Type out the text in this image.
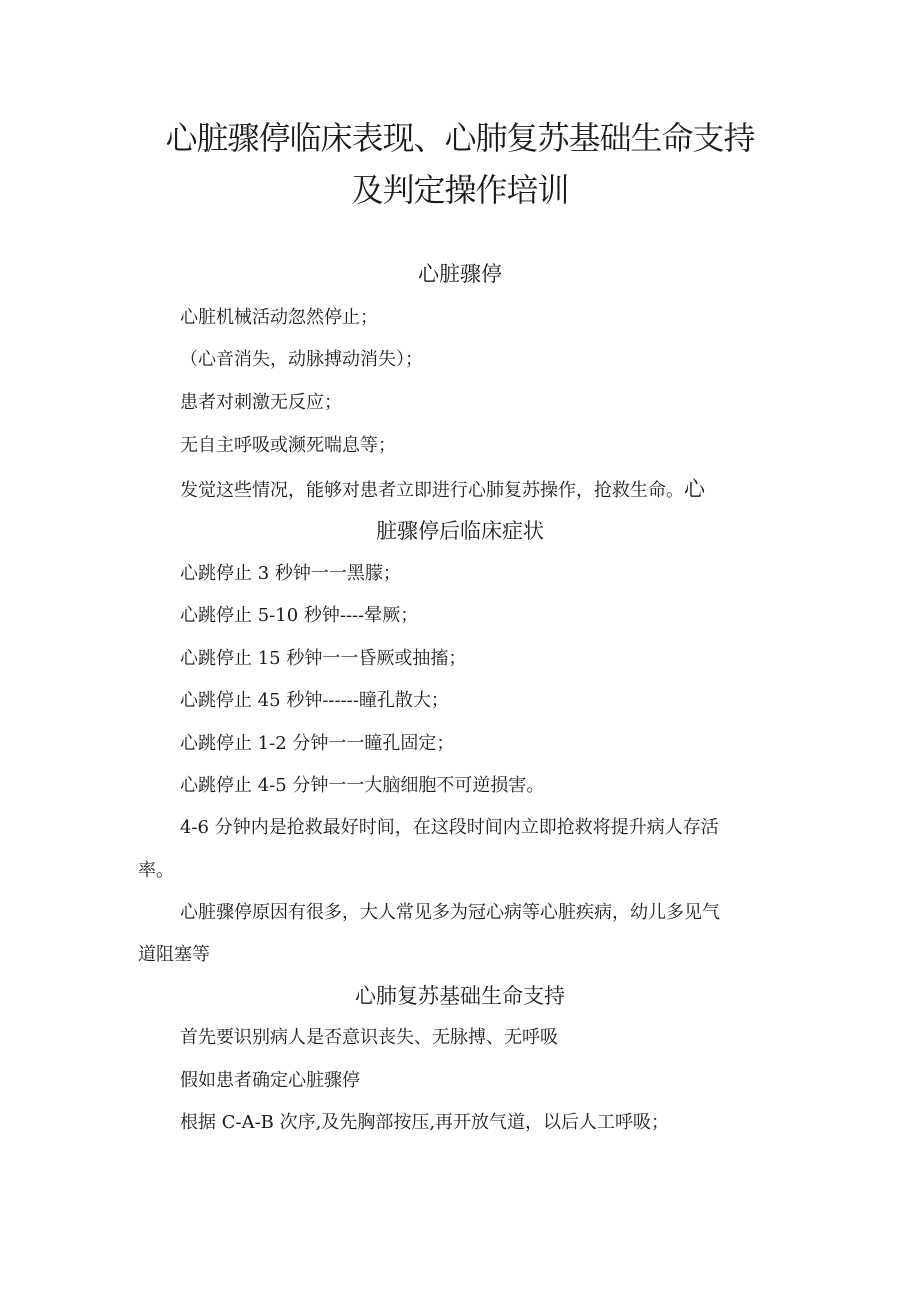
心脏骤停临床表现、心肺复苏基础生命支持
及判定操作培训
心脏骤停

心脏机械活动忽然停止；

（心音消失，动脉搏动消失）；

患者对刺激无反应；

无自主呼吸或濒死喘息等；

发觉这些情况，能够对患者立即进行心肺复苏操作，抢救生命。心

脏骤停后临床症状

心跳停止 3 秒钟一一黑朦；

心跳停止 5-10 秒钟----晕厥；

心跳停止 15 秒钟一一昏厥或抽搐；

心跳停止 45 秒钟------瞳孔散大；

心跳停止 1-2 分钟一一瞳孔固定；

心跳停止 4-5 分钟一一大脑细胞不可逆损害。

4-6 分钟内是抢救最好时间，在这段时间内立即抢救将提升病人存活

率。

心脏骤停原因有很多，大人常见多为冠心病等心脏疾病，幼儿多见气

道阻塞等

心肺复苏基础生命支持

首先要识别病人是否意识丧失、无脉搏、无呼吸

假如患者确定心脏骤停

根据 C-A-B 次序,及先胸部按压,再开放气道，以后人工呼吸；
